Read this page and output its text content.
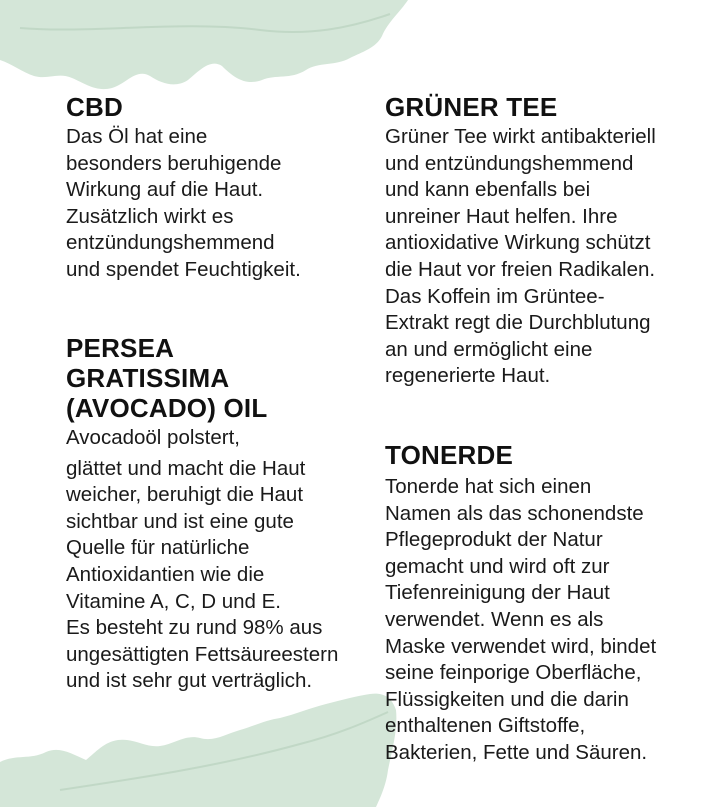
CBD
Das Öl hat eine
besonders beruhigende
Wirkung auf die Haut.
Zusätzlich wirkt es
entzündungshemmend
und spendet Feuchtigkeit.
PERSEA
GRATISSIMA
(AVOCADO) OIL
Avocadoöl polstert,
glättet und macht die Haut
weicher, beruhigt die Haut
sichtbar und ist eine gute
Quelle für natürliche
Antioxidantien wie die
Vitamine A, C, D und E.
Es besteht zu rund 98% aus
ungesättigten Fettsäureestern
und ist sehr gut verträglich.
GRÜNER TEE
Grüner Tee wirkt antibakteriell
und entzündungshemmend
und kann ebenfalls bei
unreiner Haut helfen. Ihre
antioxidative Wirkung schützt
die Haut vor freien Radikalen.
Das Koffein im Grüntee-
Extrakt regt die Durchblutung
an und ermöglicht eine
regenerierte Haut.
TONERDE
Tonerde hat sich einen
Namen als das schonendste
Pflegeprodukt der Natur
gemacht und wird oft zur
Tiefenreinigung der Haut
verwendet. Wenn es als
Maske verwendet wird, bindet
seine feinporige Oberfläche,
Flüssigkeiten und die darin
enthaltenen Giftstoffe,
Bakterien, Fette und Säuren.
